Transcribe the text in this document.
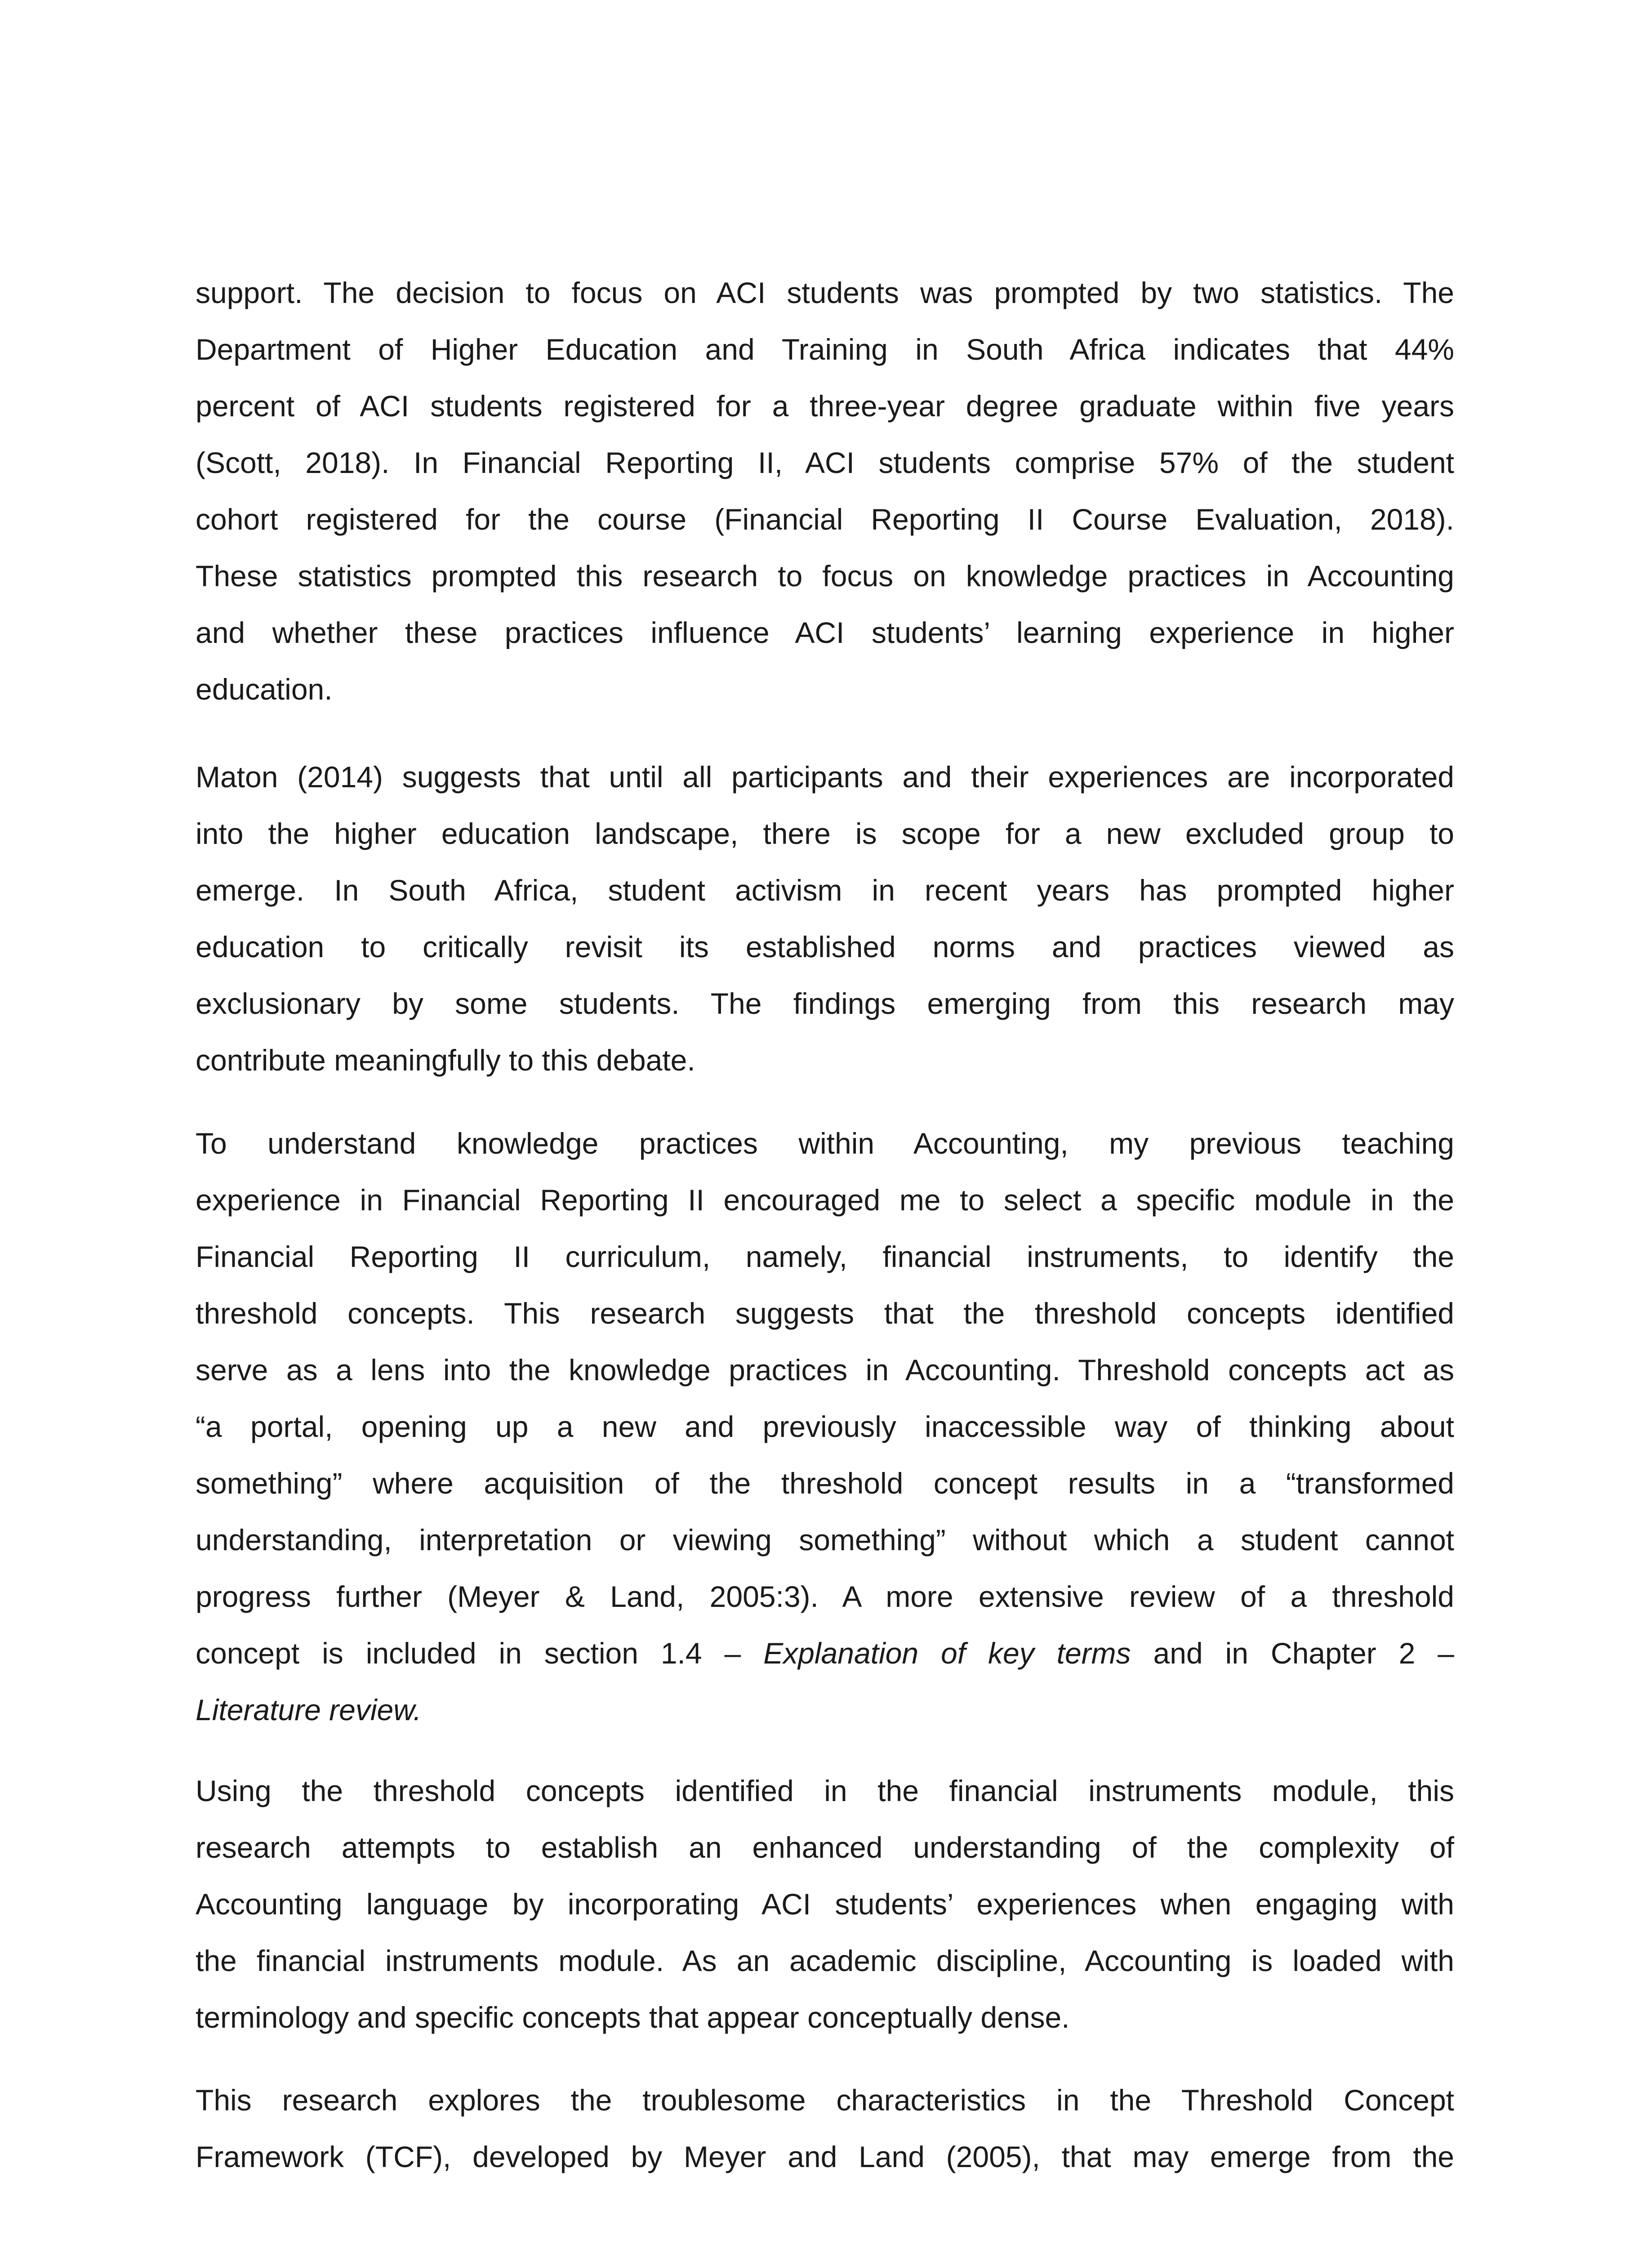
support. The decision to focus on ACI students was prompted by two statistics. The
Department of Higher Education and Training in South Africa indicates that 44%
percent of ACI students registered for a three-year degree graduate within five years
(Scott, 2018). In Financial Reporting II, ACI students comprise 57% of the student
cohort registered for the course (Financial Reporting II Course Evaluation, 2018).
These statistics prompted this research to focus on knowledge practices in Accounting
and whether these practices influence ACI students’ learning experience in higher
education.
Maton (2014) suggests that until all participants and their experiences are incorporated
into the higher education landscape, there is scope for a new excluded group to
emerge. In South Africa, student activism in recent years has prompted higher
education to critically revisit its established norms and practices viewed as
exclusionary by some students. The findings emerging from this research may
contribute meaningfully to this debate.
To understand knowledge practices within Accounting, my previous teaching
experience in Financial Reporting II encouraged me to select a specific module in the
Financial Reporting II curriculum, namely, financial instruments, to identify the
threshold concepts. This research suggests that the threshold concepts identified
serve as a lens into the knowledge practices in Accounting. Threshold concepts act as
“a portal, opening up a new and previously inaccessible way of thinking about
something” where acquisition of the threshold concept results in a “transformed
understanding, interpretation or viewing something” without which a student cannot
progress further (Meyer & Land, 2005:3). A more extensive review of a threshold
concept is included in section 1.4 – Explanation of key terms and in Chapter 2 –
Literature review.
Using the threshold concepts identified in the financial instruments module, this
research attempts to establish an enhanced understanding of the complexity of
Accounting language by incorporating ACI students’ experiences when engaging with
the financial instruments module. As an academic discipline, Accounting is loaded with
terminology and specific concepts that appear conceptually dense.
This research explores the troublesome characteristics in the Threshold Concept
Framework (TCF), developed by Meyer and Land (2005), that may emerge from the
